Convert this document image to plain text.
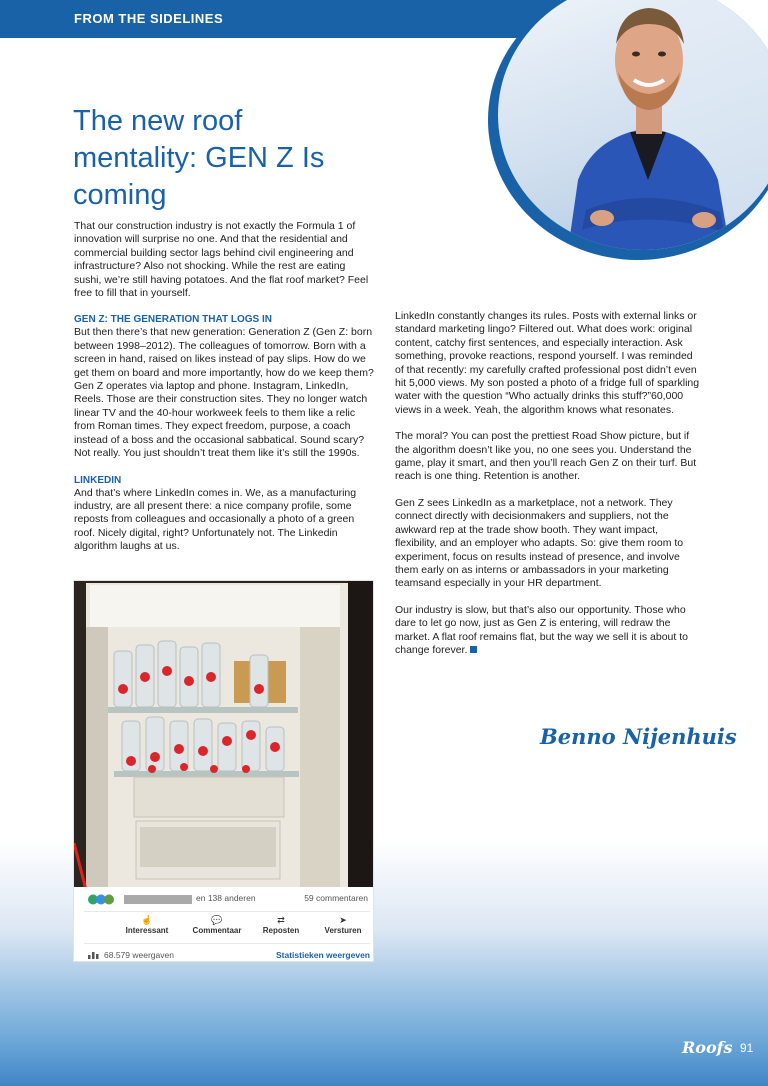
FROM THE SIDELINES
The new roof mentality: GEN Z Is coming

That our construction industry is not exactly the Formula 1 of innovation will surprise no one. And that the residential and commercial building sector lags behind civil engineering and infrastructure? Also not shocking. While the rest are eating sushi, we’re still having potatoes. And the flat roof market? Feel free to fill that in yourself.

GEN Z: THE GENERATION THAT LOGS IN

But then there’s that new generation: Generation Z (Gen Z: born between 1998–2012). The colleagues of tomorrow. Born with a screen in hand, raised on likes instead of pay slips. How do we get them on board and more importantly, how do we keep them? Gen Z operates via laptop and phone. Instagram, LinkedIn, Reels. Those are their construction sites. They no longer watch linear TV and the 40-hour workweek feels to them like a relic from Roman times. They expect freedom, purpose, a coach instead of a boss and the occasional sabbatical. Sound scary? Not really. You just shouldn’t treat them like it’s still the 1990s.

LINKEDIN

And that’s where LinkedIn comes in. We, as a manufacturing industry, are all present there: a nice company profile, some reposts from colleagues and occasionally a photo of a green roof. Nicely digital, right? Unfortunately not. The Linkedin algorithm laughs at us.

LinkedIn constantly changes its rules. Posts with external links or standard marketing lingo? Filtered out. What does work: original content, catchy first sentences, and especially interaction. Ask something, provoke reactions, respond yourself. I was reminded of that recently: my carefully crafted professional post didn’t even hit 5,000 views. My son posted a photo of a fridge full of sparkling water with the question “Who actually drinks this stuff?”60,000 views in a week. Yeah, the algorithm knows what resonates.

The moral? You can post the prettiest Road Show picture, but if the algorithm doesn’t like you, no one sees you. Understand the game, play it smart, and then you’ll reach Gen Z on their turf. But reach is one thing. Retention is another.

Gen Z sees LinkedIn as a marketplace, not a network. They connect directly with decisionmakers and suppliers, not the awkward rep at the trade show booth. They want impact, flexibility, and an employer who adapts. So: give them room to experiment, focus on results instead of presence, and involve them early on as interns or ambassadors in your marketing teamsand especially in your HR department.

Our industry is slow, but that’s also our opportunity. Those who dare to let go now, just as Gen Z is entering, will redraw the market. A flat roof remains flat, but the way we sell it is about to change forever.

Benno Nijenhuis
en 138 anderen	59 commentaren
☝
Interessant
💬
Commentaar
⇄
Reposten
➤
Versturen
68.579 weergaven	Statistieken weergeven
Roofs 91
